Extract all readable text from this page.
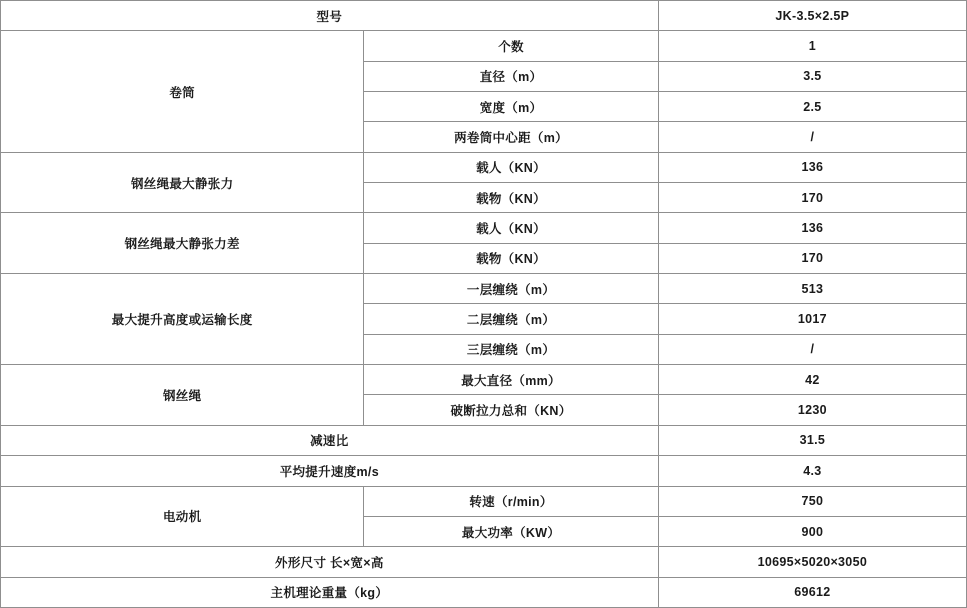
型号		JK-3.5×2.5P
卷筒	个数	1
	直径（m）	3.5
	宽度（m）	2.5
	两卷筒中心距（m）	/
钢丝绳最大静张力	载人（KN）	136
	载物（KN）	170
钢丝绳最大静张力差	载人（KN）	136
	载物（KN）	170
最大提升高度或运输长度	一层缠绕（m）	513
	二层缠绕（m）	1017
	三层缠绕（m）	/
钢丝绳	最大直径（mm）	42
	破断拉力总和（KN）	1230
减速比		31.5
平均提升速度m/s		4.3
电动机	转速（r/min）	750
	最大功率（KW）	900
外形尺寸 长×宽×高		10695×5020×3050
主机理论重量（kg）		69612
